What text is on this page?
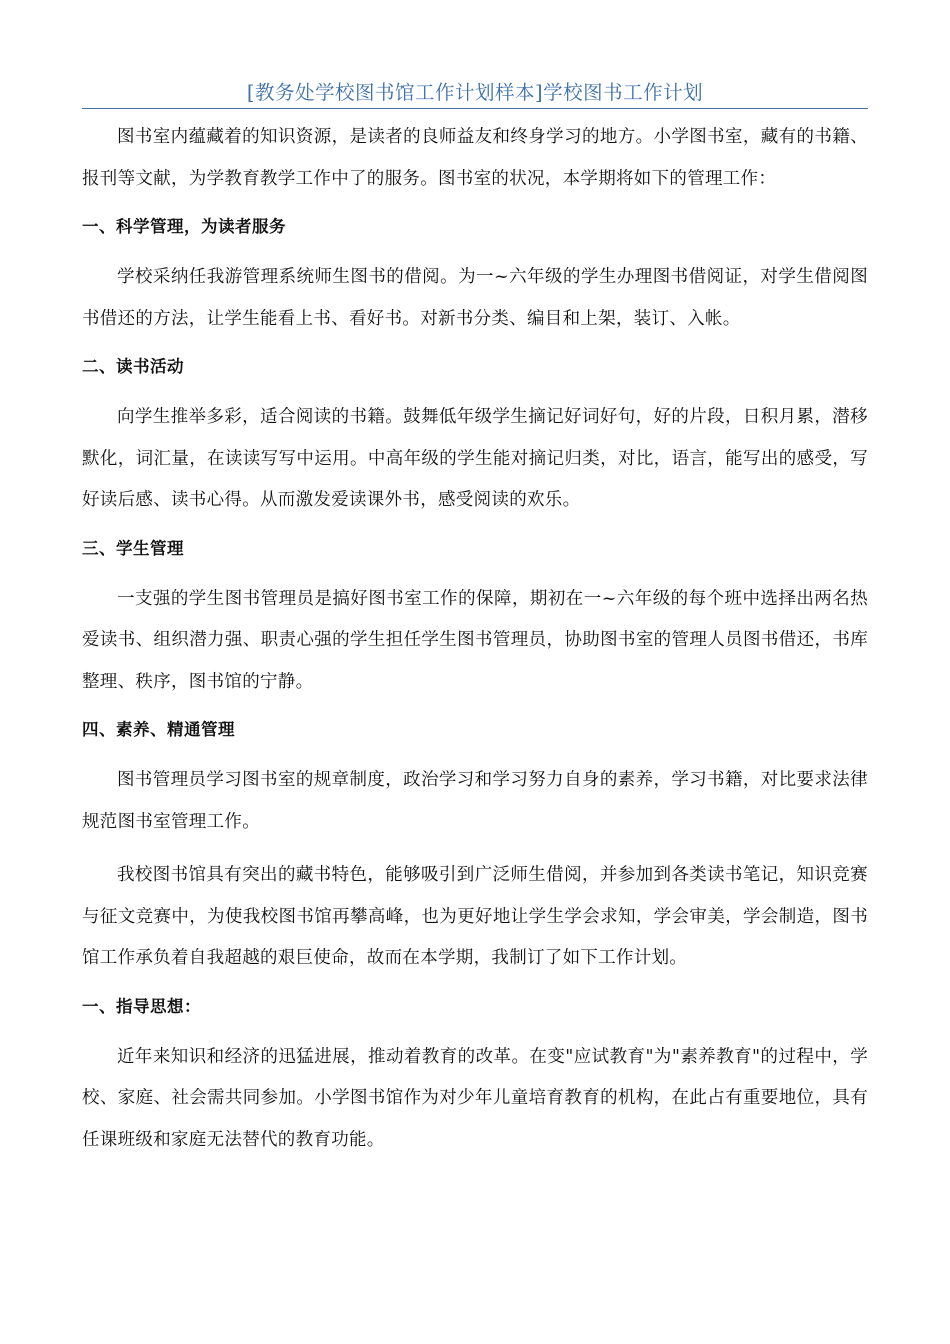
[教务处学校图书馆工作计划样本]学校图书工作计划

图书室内蕴藏着的知识资源，是读者的良师益友和终身学习的地方。小学图书室，藏有的书籍、报刊等文献，为学教育教学工作中了的服务。图书室的状况，本学期将如下的管理工作：

一、科学管理，为读者服务

学校采纳任我游管理系统师生图书的借阅。为一~六年级的学生办理图书借阅证，对学生借阅图书借还的方法，让学生能看上书、看好书。对新书分类、编目和上架，装订、入帐。

二、读书活动

向学生推举多彩，适合阅读的书籍。鼓舞低年级学生摘记好词好句，好的片段，日积月累，潜移默化，词汇量，在读读写写中运用。中高年级的学生能对摘记归类，对比，语言，能写出的感受，写好读后感、读书心得。从而激发爱读课外书，感受阅读的欢乐。

三、学生管理

一支强的学生图书管理员是搞好图书室工作的保障，期初在一~六年级的每个班中选择出两名热爱读书、组织潜力强、职责心强的学生担任学生图书管理员，协助图书室的管理人员图书借还，书库整理、秩序，图书馆的宁静。

四、素养、精通管理

图书管理员学习图书室的规章制度，政治学习和学习努力自身的素养，学习书籍，对比要求法律规范图书室管理工作。

我校图书馆具有突出的藏书特色，能够吸引到广泛师生借阅，并参加到各类读书笔记，知识竞赛与征文竞赛中，为使我校图书馆再攀高峰，也为更好地让学生学会求知，学会审美，学会制造，图书馆工作承负着自我超越的艰巨使命，故而在本学期，我制订了如下工作计划。

一、指导思想：

近年来知识和经济的迅猛进展，推动着教育的改革。在变"应试教育"为"素养教育"的过程中，学校、家庭、社会需共同参加。小学图书馆作为对少年儿童培育教育的机构，在此占有重要地位，具有任课班级和家庭无法替代的教育功能。
